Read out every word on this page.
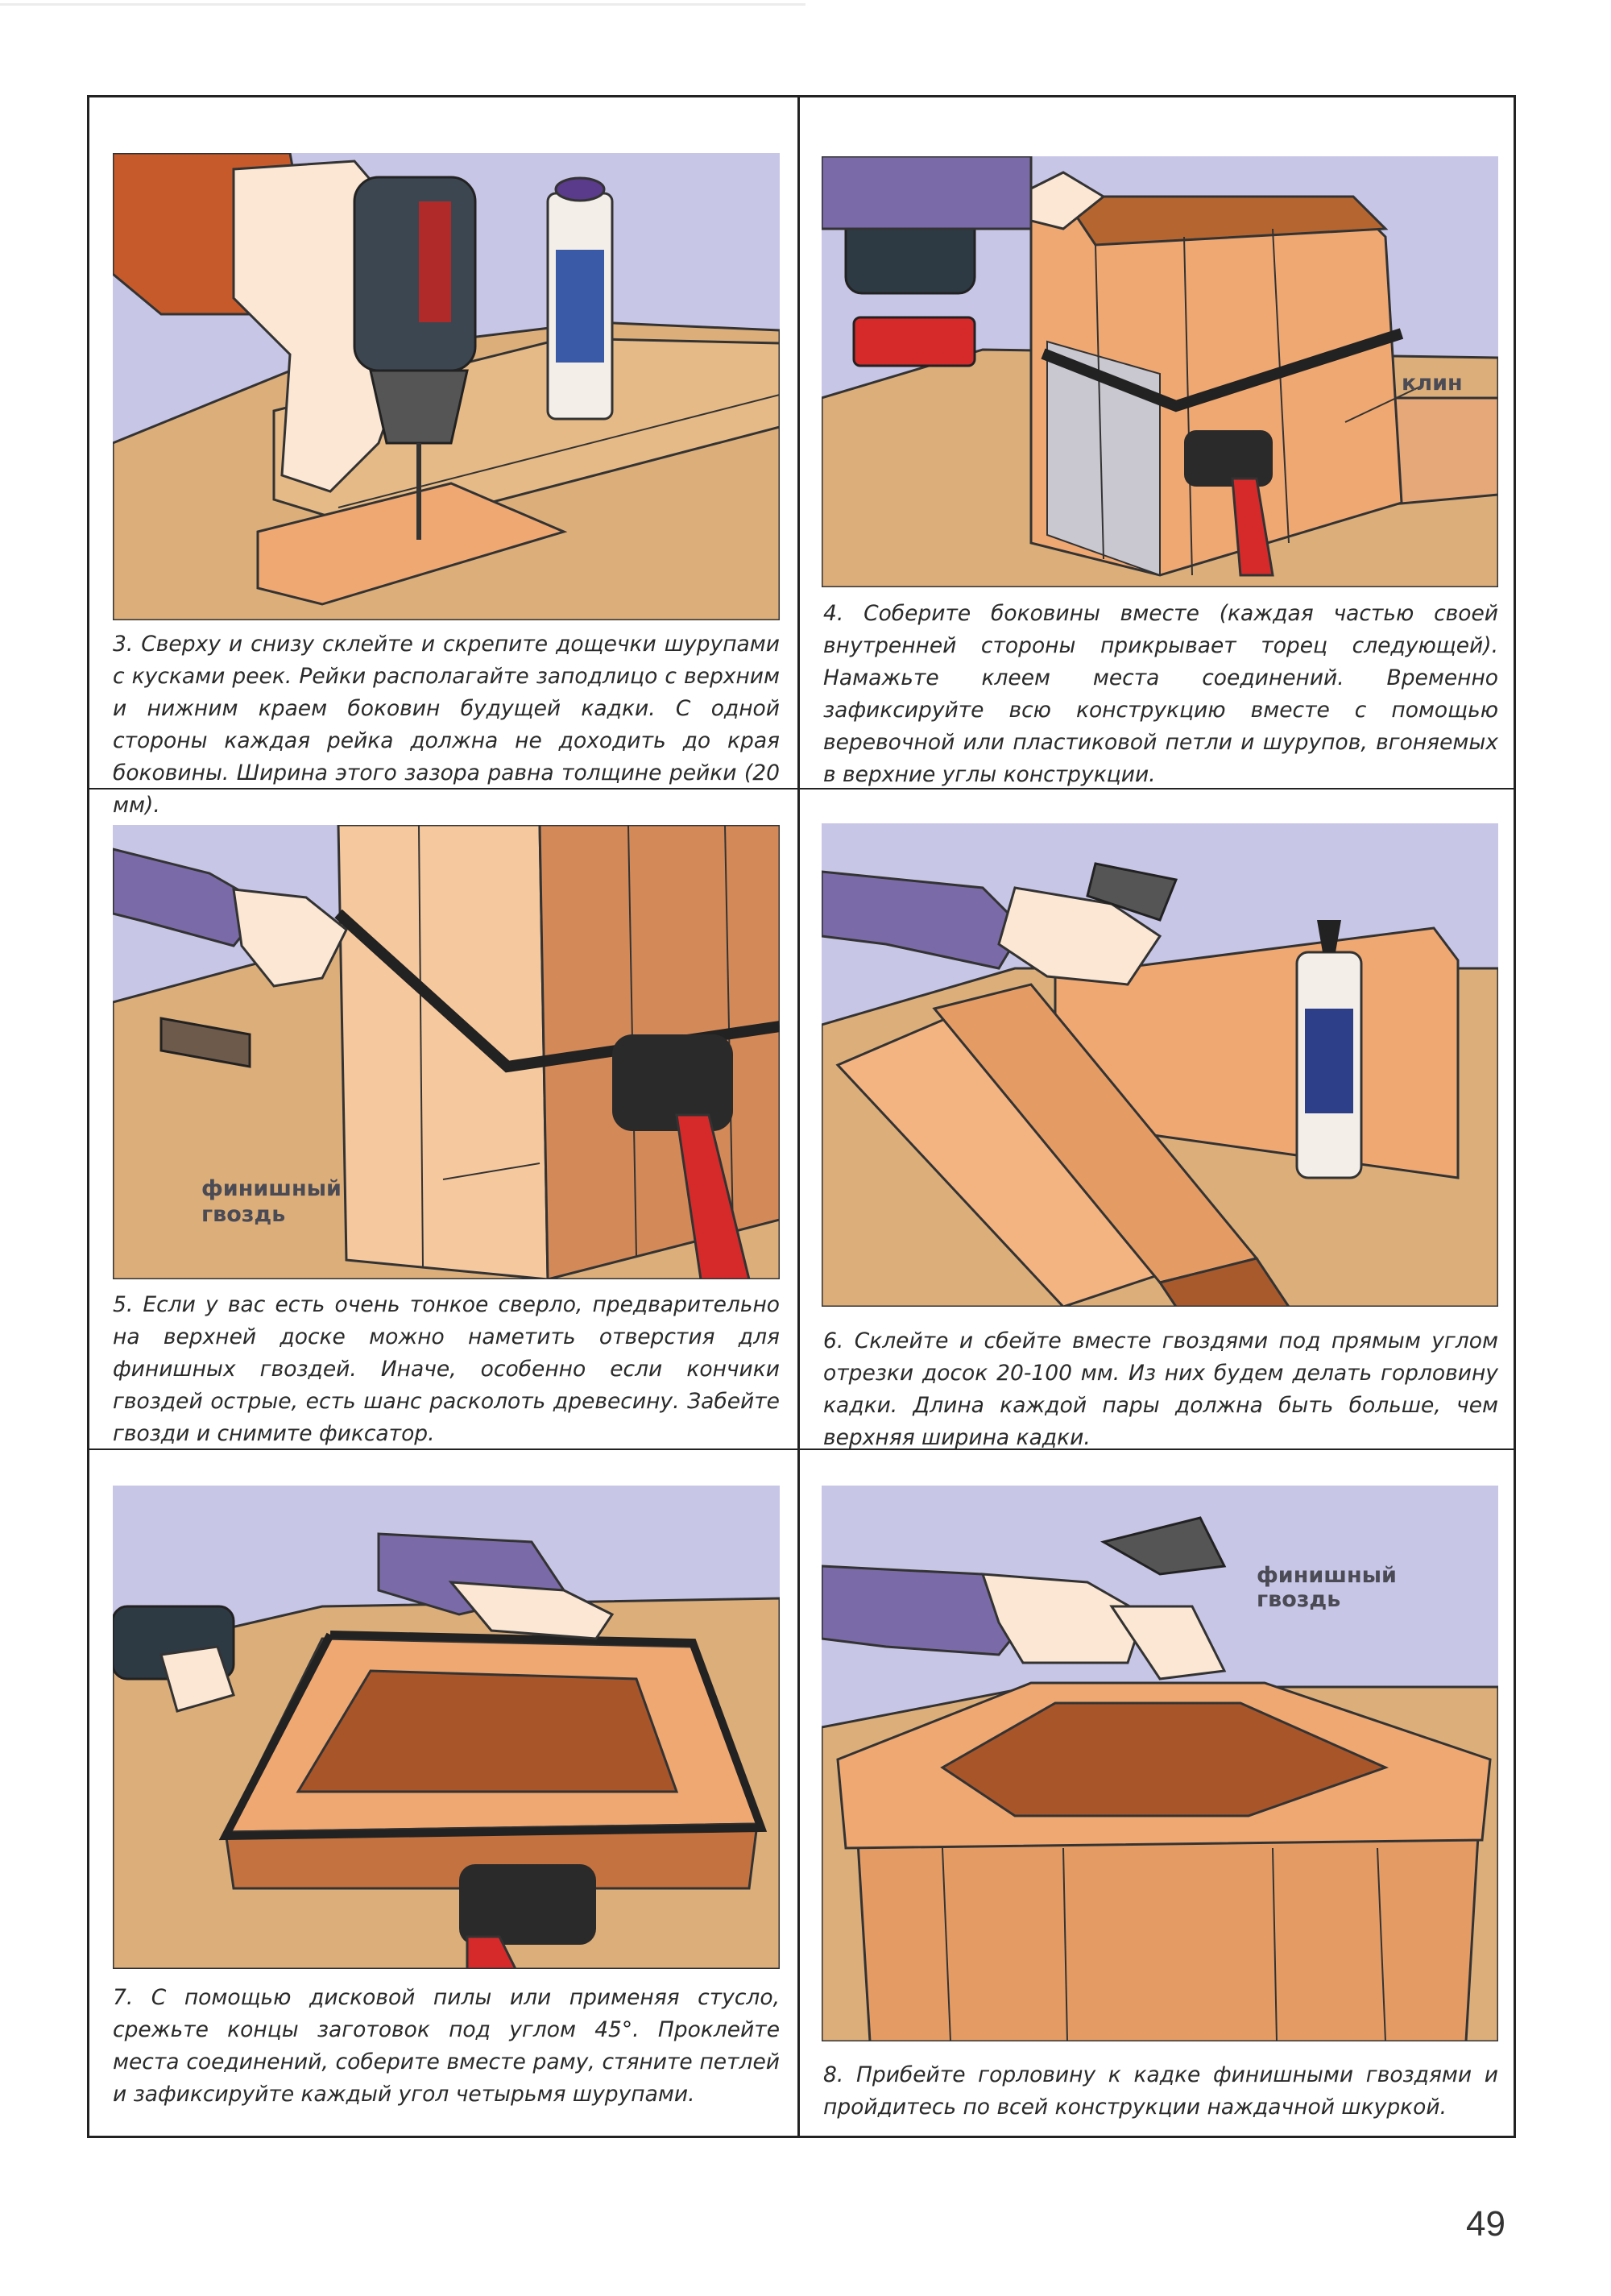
3. Сверху и снизу склейте и скрепите дощечки шурупами с кусками реек. Рейки располагайте заподлицо с верхним и нижним краем боковин будущей кадки. С одной стороны каждая рейка должна не доходить до края боковины. Ширина этого зазора равна толщине рейки (20 мм).

клин

4. Соберите боковины вместе (каждая частью своей внутренней стороны прикрывает торец следующей). Намажьте клеем места соединений. Временно зафиксируйте всю конструкцию вместе с помощью веревочной или пластиковой петли и шурупов, вгоняемых в верхние углы конструкции.

финишный
гвоздь

5. Если у вас есть очень тонкое сверло, предварительно на верхней доске можно наметить отверстия для финишных гвоздей. Иначе, особенно если кончики гвоздей острые, есть шанс расколоть древесину. Забейте гвозди и снимите фиксатор.

6. Склейте и сбейте вместе гвоздями под прямым углом отрезки досок 20-100 мм. Из них будем делать горловину кадки. Длина каждой пары должна быть больше, чем верхняя ширина кадки.

7. С помощью дисковой пилы или применяя стусло, срежьте концы заготовок под углом 45°. Проклейте места соединений, соберите вместе раму, стяните петлей и зафиксируйте каждый угол четырьмя шурупами.

финишный
гвоздь

8. Прибейте горловину к кадке финишными гвоздями и пройдитесь по всей конструкции наждачной шкуркой.

49
